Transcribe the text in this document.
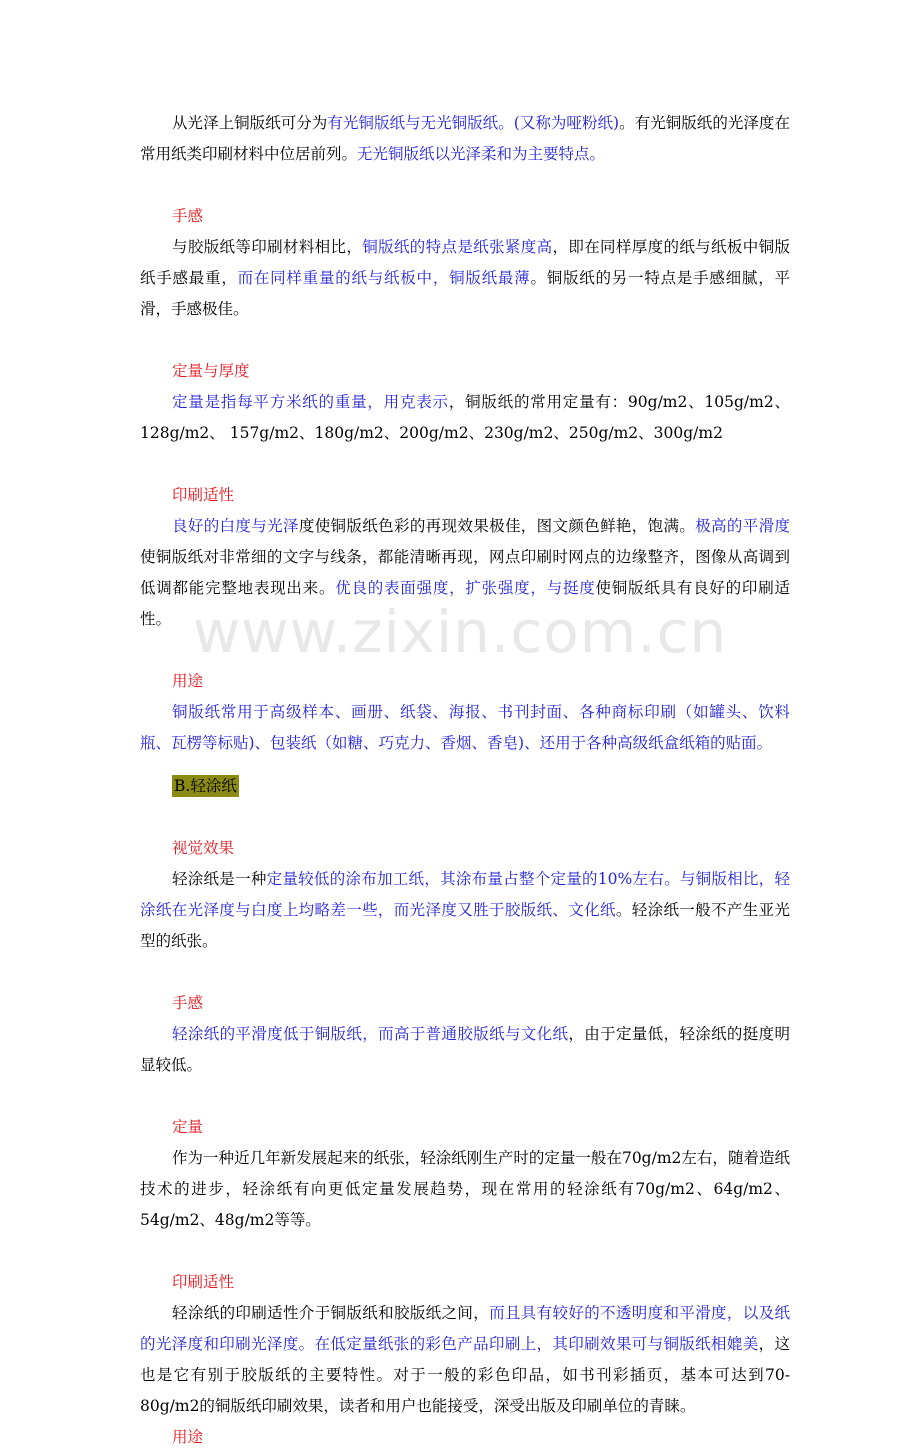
从光泽上铜版纸可分为有光铜版纸与无光铜版纸。(又称为哑粉纸)。有光铜版纸的光泽度在常用纸类印刷材料中位居前列。无光铜版纸以光泽柔和为主要特点。

手感

与胶版纸等印刷材料相比，铜版纸的特点是纸张紧度高，即在同样厚度的纸与纸板中铜版纸手感最重，而在同样重量的纸与纸板中，铜版纸最薄。铜版纸的另一特点是手感细腻，平滑，手感极佳。

定量与厚度

定量是指每平方米纸的重量，用克表示，铜版纸的常用定量有：90g/m2、105g/m2、128g/m2、 157g/m2、180g/m2、200g/m2、230g/m2、250g/m2、300g/m2

印刷适性

良好的白度与光泽度使铜版纸色彩的再现效果极佳，图文颜色鲜艳，饱满。极高的平滑度使铜版纸对非常细的文字与线条，都能清晰再现，网点印刷时网点的边缘整齐，图像从高调到低调都能完整地表现出来。优良的表面强度，扩张强度，与挺度使铜版纸具有良好的印刷适性。

用途

铜版纸常用于高级样本、画册、纸袋、海报、书刊封面、各种商标印刷（如罐头、饮料瓶、瓦楞等标贴)、包装纸（如糖、巧克力、香烟、香皂)、还用于各种高级纸盒纸箱的贴面。

B.轻涂纸

视觉效果

轻涂纸是一种定量较低的涂布加工纸，其涂布量占整个定量的10%左右。与铜版相比，轻涂纸在光泽度与白度上均略差一些，而光泽度又胜于胶版纸、文化纸。轻涂纸一般不产生亚光型的纸张。

手感

轻涂纸的平滑度低于铜版纸，而高于普通胶版纸与文化纸，由于定量低，轻涂纸的挺度明显较低。

定量

作为一种近几年新发展起来的纸张，轻涂纸刚生产时的定量一般在70g/m2左右，随着造纸技术的进步，轻涂纸有向更低定量发展趋势，现在常用的轻涂纸有70g/m2、64g/m2、54g/m2、48g/m2等等。

印刷适性

轻涂纸的印刷适性介于铜版纸和胶版纸之间，而且具有较好的不透明度和平滑度，以及纸的光泽度和印刷光泽度。在低定量纸张的彩色产品印刷上，其印刷效果可与铜版纸相媲美，这也是它有别于胶版纸的主要特性。对于一般的彩色印品，如书刊彩插页，基本可达到70-80g/m2的铜版纸印刷效果，读者和用户也能接受，深受出版及印刷单位的青睐。

用途

www.zixin.com.cn
